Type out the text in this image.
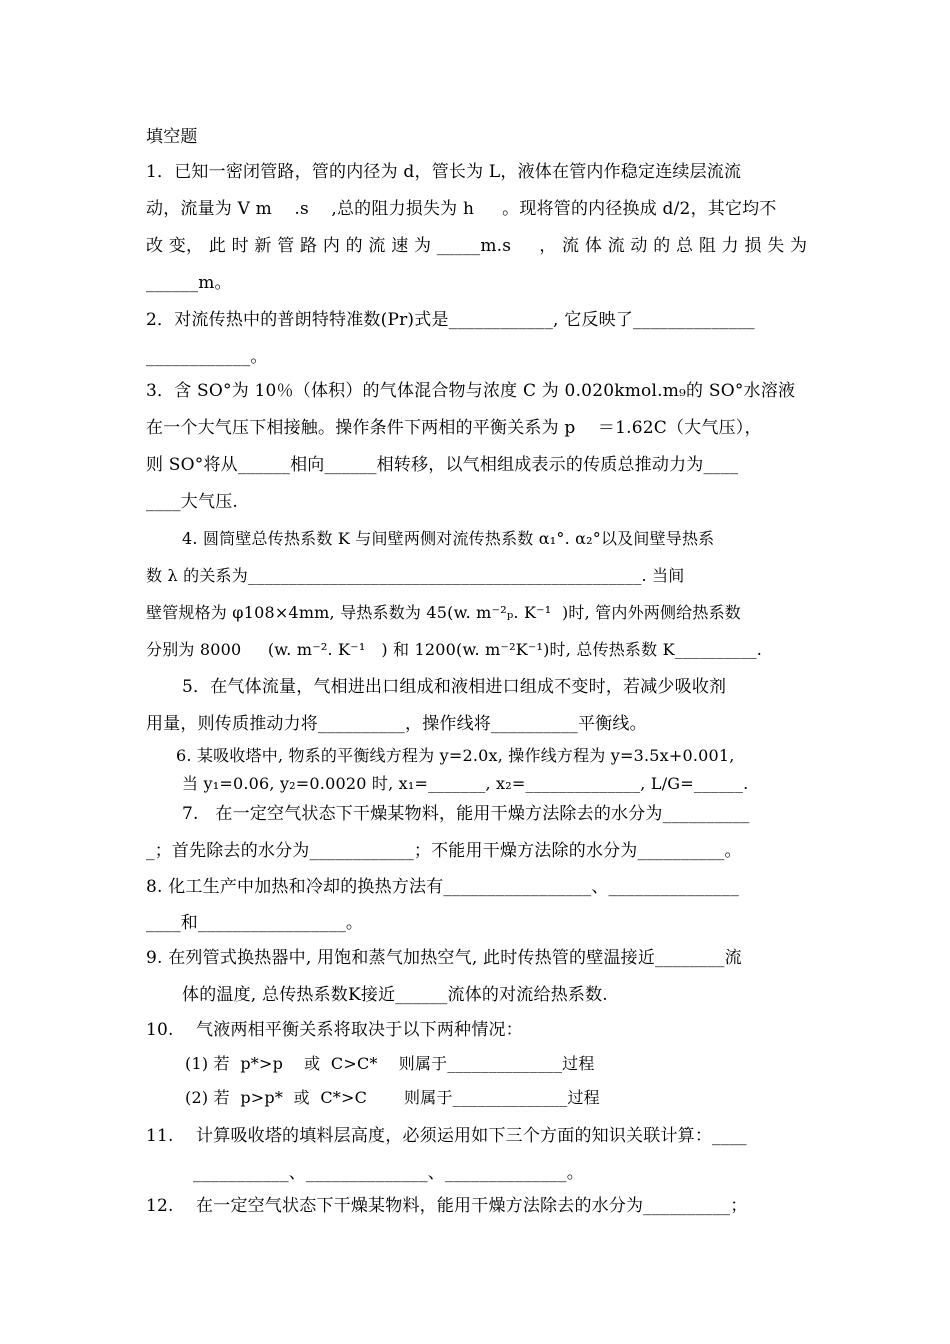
填空题
1．已知一密闭管路，管的内径为 d，管长为 L，液体在管内作稳定连续层流流
动，流量为 V m    .s    ,总的阻力损失为 h     。现将管的内径换成 d/2，其它均不
改 变， 此 时 新 管 路 内 的 流 速 为 _____m.s     ， 流 体 流 动 的 总 阻 力 损 失 为
______m。
2．对流传热中的普朗特特准数(Pr)式是____________, 它反映了______________
____________。
3．含 SO°为 10％（体积）的气体混合物与浓度 C 为 0.020kmol.m₉的 SO°水溶液
在一个大气压下相接触。操作条件下两相的平衡关系为 p    ＝1.62C（大气压），
则 SO°将从______相向______相转移，以气相组成表示的传质总推动力为____
____大气压.
4. 圆筒壁总传热系数 K 与间壁两侧对流传热系数 α₁°. α₂°以及间壁导热系
数 λ 的关系为________________________________________________. 当间
壁管规格为 φ108×4mm, 导热系数为 45(w. m⁻²ₚ. K⁻¹  )时, 管内外两侧给热系数
分别为 8000     (w. m⁻². K⁻¹   ) 和 1200(w. m⁻²K⁻¹)时, 总传热系数 K__________.
5．在气体流量，气相进出口组成和液相进口组成不变时，若减少吸收剂
用量，则传质推动力将__________，操作线将__________平衡线。
6. 某吸收塔中, 物系的平衡线方程为 y=2.0x, 操作线方程为 y=3.5x+0.001,
当 y₁=0.06, y₂=0.0020 时, x₁=_______, x₂=______________, L/G=______.
7.   在一定空气状态下干燥某物料，能用干燥方法除去的水分为__________
_；首先除去的水分为____________；不能用干燥方法除的水分为__________。
8. 化工生产中加热和冷却的换热方法有_________________、_______________
____和_________________。
9. 在列管式换热器中, 用饱和蒸气加热空气, 此时传热管的壁温接近________流
体的温度, 总传热系数K接近______流体的对流给热系数.
10.    气液两相平衡关系将取决于以下两种情况：
(1) 若  p*>p    或  C>C*    则属于______________过程
(2) 若  p>p*  或  C*>C       则属于______________过程
11.    计算吸收塔的填料层高度，必须运用如下三个方面的知识关联计算：____
___________、______________、______________。
12.    在一定空气状态下干燥某物料，能用干燥方法除去的水分为__________；
